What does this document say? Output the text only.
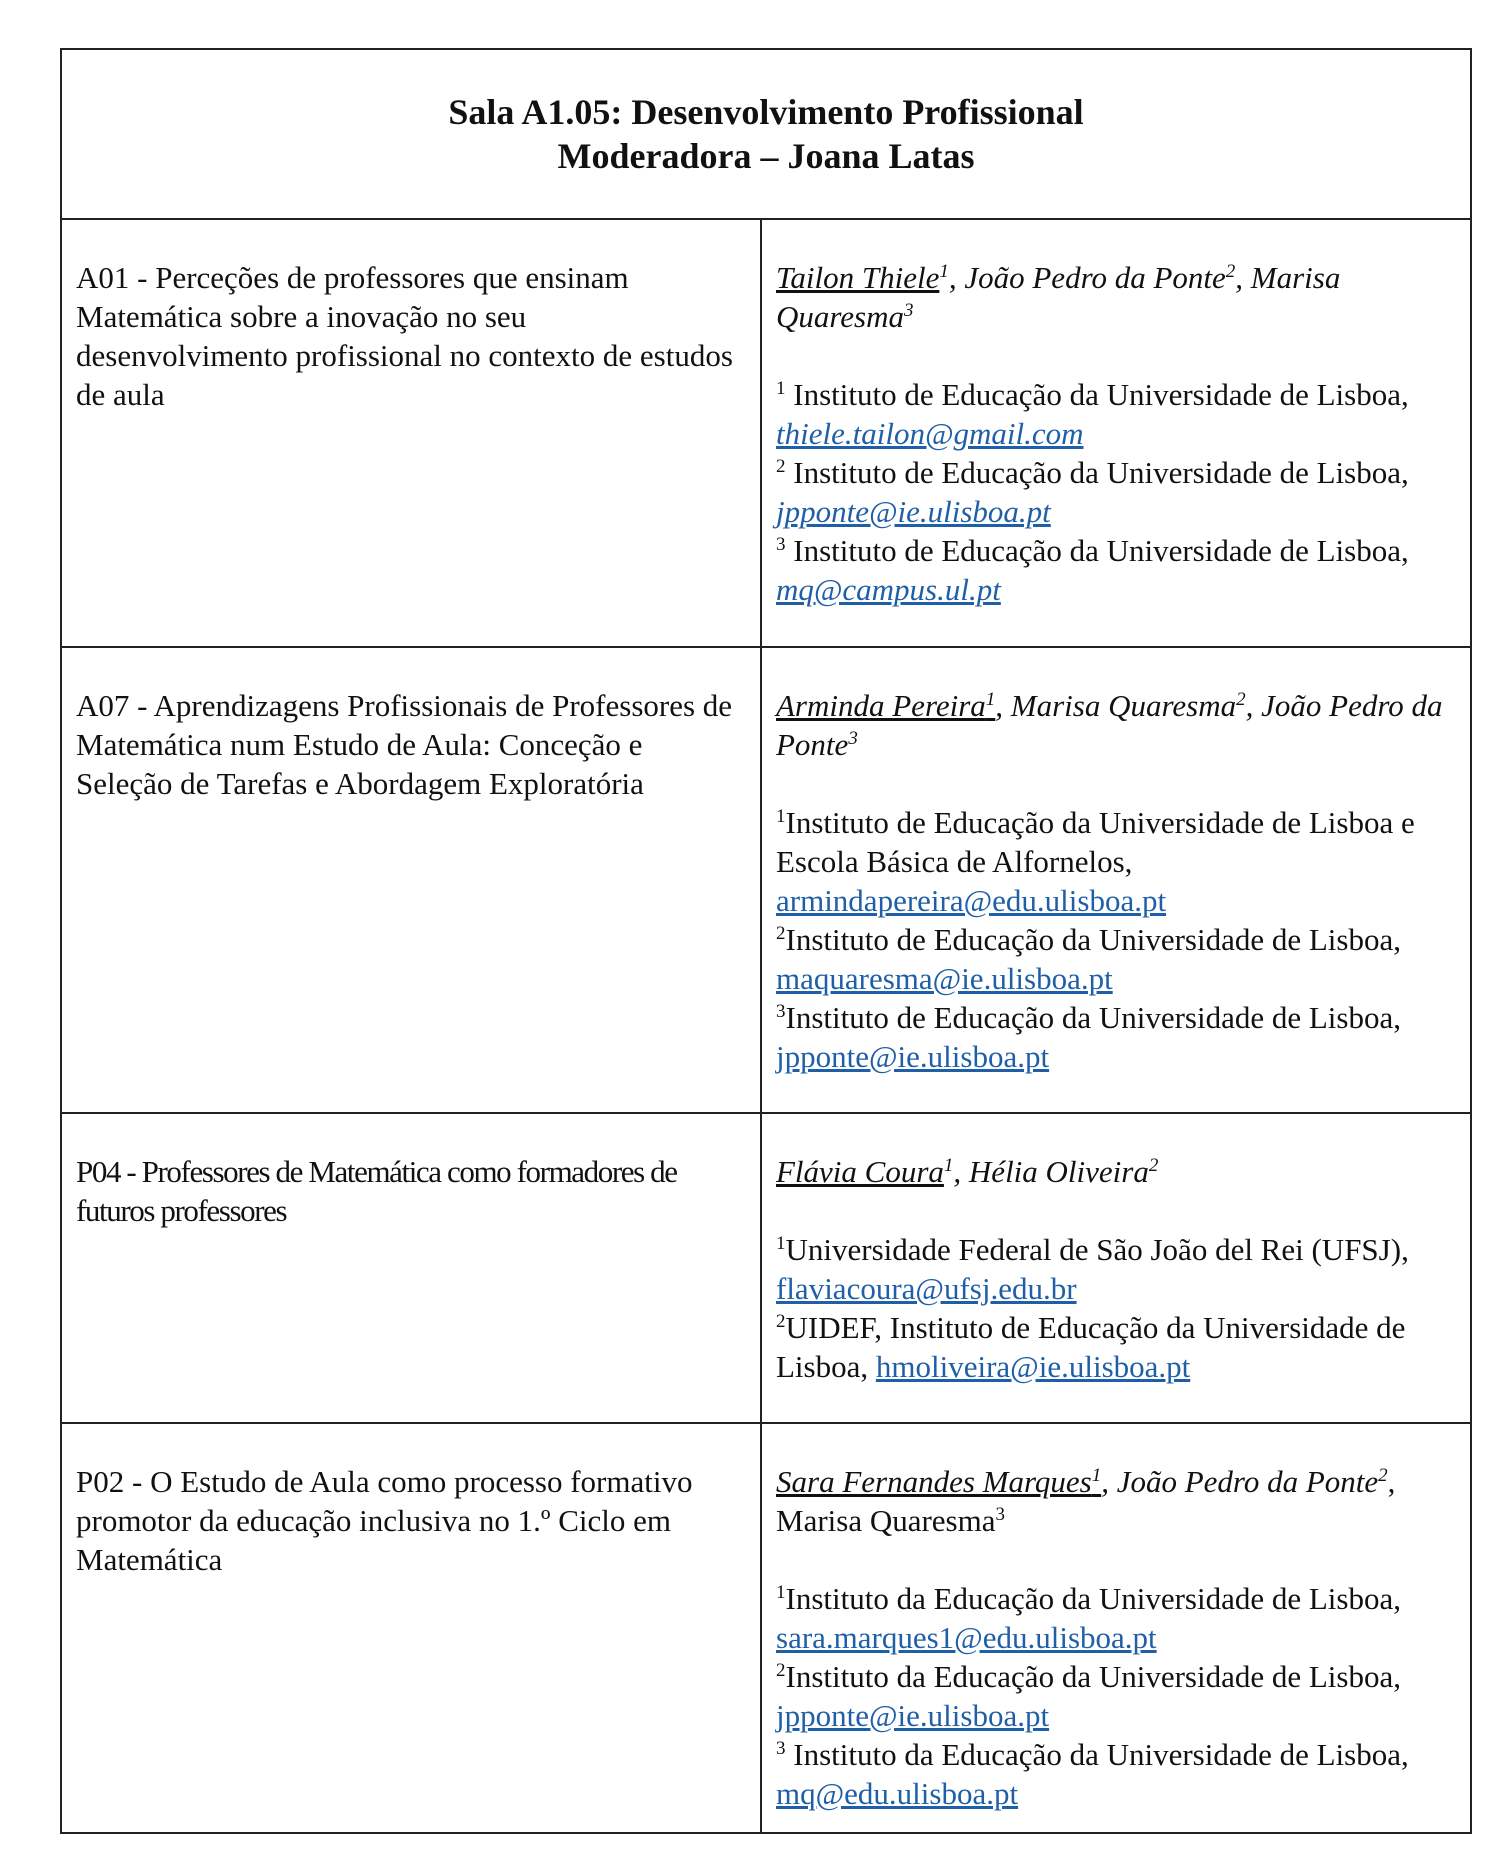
Sala A1.05: Desenvolvimento Profissional
Moderadora – Joana Latas
A01 - Perceções de professores que ensinam Matemática sobre a inovação no seu desenvolvimento profissional no contexto de estudos de aula
Tailon Thiele$^1$, João Pedro da Ponte$^2$, Marisa Quaresma$^3$
$^1$ Instituto de Educação da Universidade de Lisboa,
thiele.tailon@gmail.com
$^2$ Instituto de Educação da Universidade de Lisboa,
jpponte@ie.ulisboa.pt
$^3$ Instituto de Educação da Universidade de Lisboa, mq@campus.ul.pt
A07 - Aprendizagens Profissionais de Professores de Matemática num Estudo de Aula: Conceção e Seleção de Tarefas e Abordagem Exploratória
Arminda Pereira$^1$, Marisa Quaresma$^2$, João Pedro da Ponte$^3$
$^1$Instituto de Educação da Universidade de Lisboa e Escola Básica de Alfornelos,
armindapereira@edu.ulisboa.pt
$^2$Instituto de Educação da Universidade de Lisboa,
maquaresma@ie.ulisboa.pt
$^3$Instituto de Educação da Universidade de Lisboa,
jpponte@ie.ulisboa.pt
P04 - Professores de Matemática como formadores de futuros professores
Flávia Coura$^1$, Hélia Oliveira$^2$
$^1$Universidade Federal de São João del Rei (UFSJ), flaviacoura@ufsj.edu.br
$^2$UIDEF, Instituto de Educação da Universidade de Lisboa, hmoliveira@ie.ulisboa.pt
P02 - O Estudo de Aula como processo formativo promotor da educação inclusiva no 1.º Ciclo em Matemática
Sara Fernandes Marques$^1$, João Pedro da Ponte$^2$, Marisa Quaresma$^3$
$^1$Instituto da Educação da Universidade de Lisboa,
sara.marques1@edu.ulisboa.pt
$^2$Instituto da Educação da Universidade de Lisboa,
jpponte@ie.ulisboa.pt
$^3$ Instituto da Educação da Universidade de Lisboa, mq@edu.ulisboa.pt
